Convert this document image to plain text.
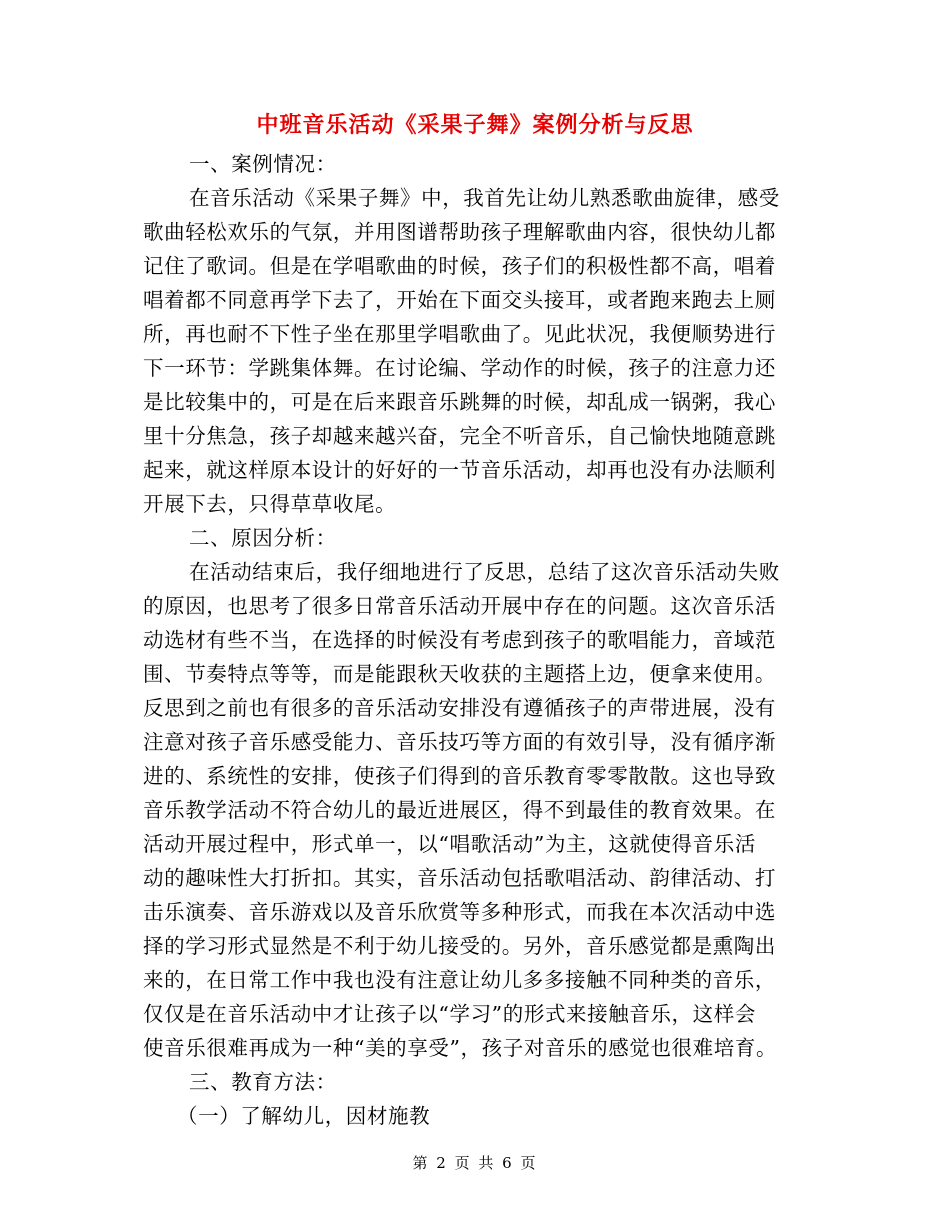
中班音乐活动《采果子舞》案例分析与反思
一、案例情况：
在音乐活动《采果子舞》中，我首先让幼儿熟悉歌曲旋律，感受
歌曲轻松欢乐的气氛，并用图谱帮助孩子理解歌曲内容，很快幼儿都
记住了歌词。但是在学唱歌曲的时候，孩子们的积极性都不高，唱着
唱着都不同意再学下去了，开始在下面交头接耳，或者跑来跑去上厕
所，再也耐不下性子坐在那里学唱歌曲了。见此状况，我便顺势进行
下一环节：学跳集体舞。在讨论编、学动作的时候，孩子的注意力还
是比较集中的，可是在后来跟音乐跳舞的时候，却乱成一锅粥，我心
里十分焦急，孩子却越来越兴奋，完全不听音乐，自己愉快地随意跳
起来，就这样原本设计的好好的一节音乐活动，却再也没有办法顺利
开展下去，只得草草收尾。
二、原因分析：
在活动结束后，我仔细地进行了反思，总结了这次音乐活动失败
的原因，也思考了很多日常音乐活动开展中存在的问题。这次音乐活
动选材有些不当，在选择的时候没有考虑到孩子的歌唱能力，音域范
围、节奏特点等等，而是能跟秋天收获的主题搭上边，便拿来使用。
反思到之前也有很多的音乐活动安排没有遵循孩子的声带进展，没有
注意对孩子音乐感受能力、音乐技巧等方面的有效引导，没有循序渐
进的、系统性的安排，使孩子们得到的音乐教育零零散散。这也导致
音乐教学活动不符合幼儿的最近进展区，得不到最佳的教育效果。在
活动开展过程中，形式单一，以“唱歌活动”为主，这就使得音乐活
动的趣味性大打折扣。其实，音乐活动包括歌唱活动、韵律活动、打
击乐演奏、音乐游戏以及音乐欣赏等多种形式，而我在本次活动中选
择的学习形式显然是不利于幼儿接受的。另外，音乐感觉都是熏陶出
来的，在日常工作中我也没有注意让幼儿多多接触不同种类的音乐，
仅仅是在音乐活动中才让孩子以“学习”的形式来接触音乐，这样会
使音乐很难再成为一种“美的享受”，孩子对音乐的感觉也很难培育。
三、教育方法：
（一）了解幼儿，因材施教
第 2 页 共 6 页
